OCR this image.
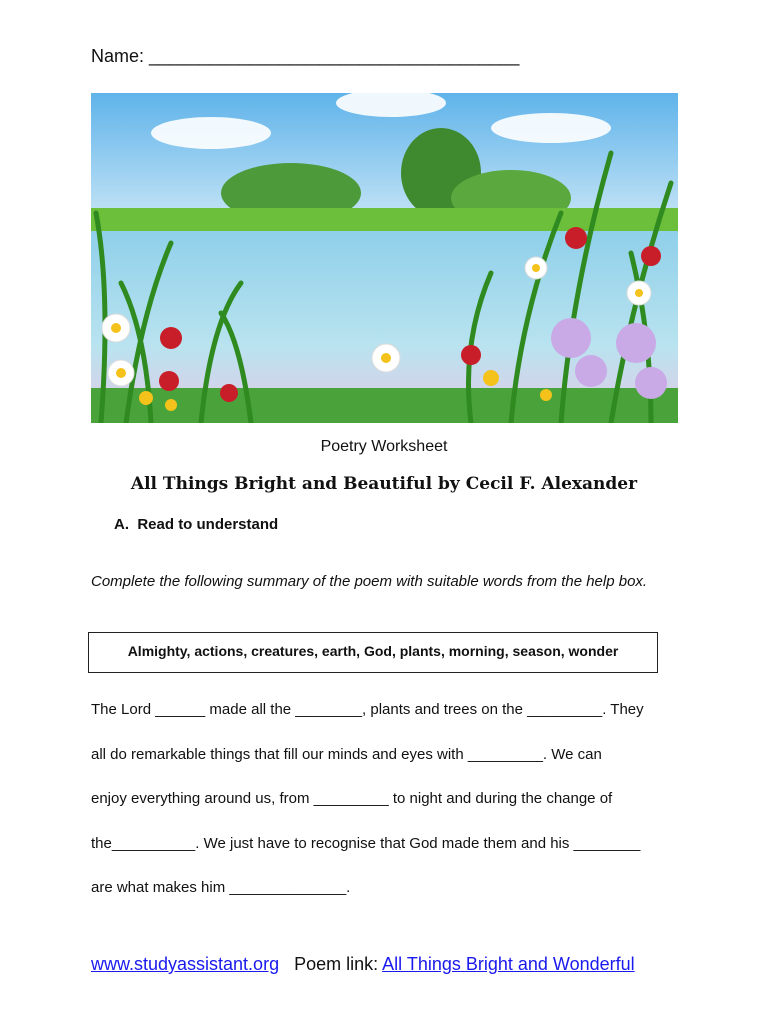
Name: _____________________________________
Poetry Worksheet
All Things Bright and Beautiful by Cecil F. Alexander
A. Read to understand
Complete the following summary of the poem with suitable words from the help box.
Almighty, actions, creatures, earth, God, plants, morning, season, wonder

The Lord ______ made all the ________, plants and trees on the _________. They

all do remarkable things that fill our minds and eyes with _________. We can

enjoy everything around us, from _________ to night and during the change of

the__________. We just have to recognise that God made them and his ________

are what makes him ______________.

www.studyassistant.org Poem link: All Things Bright and Wonderful
